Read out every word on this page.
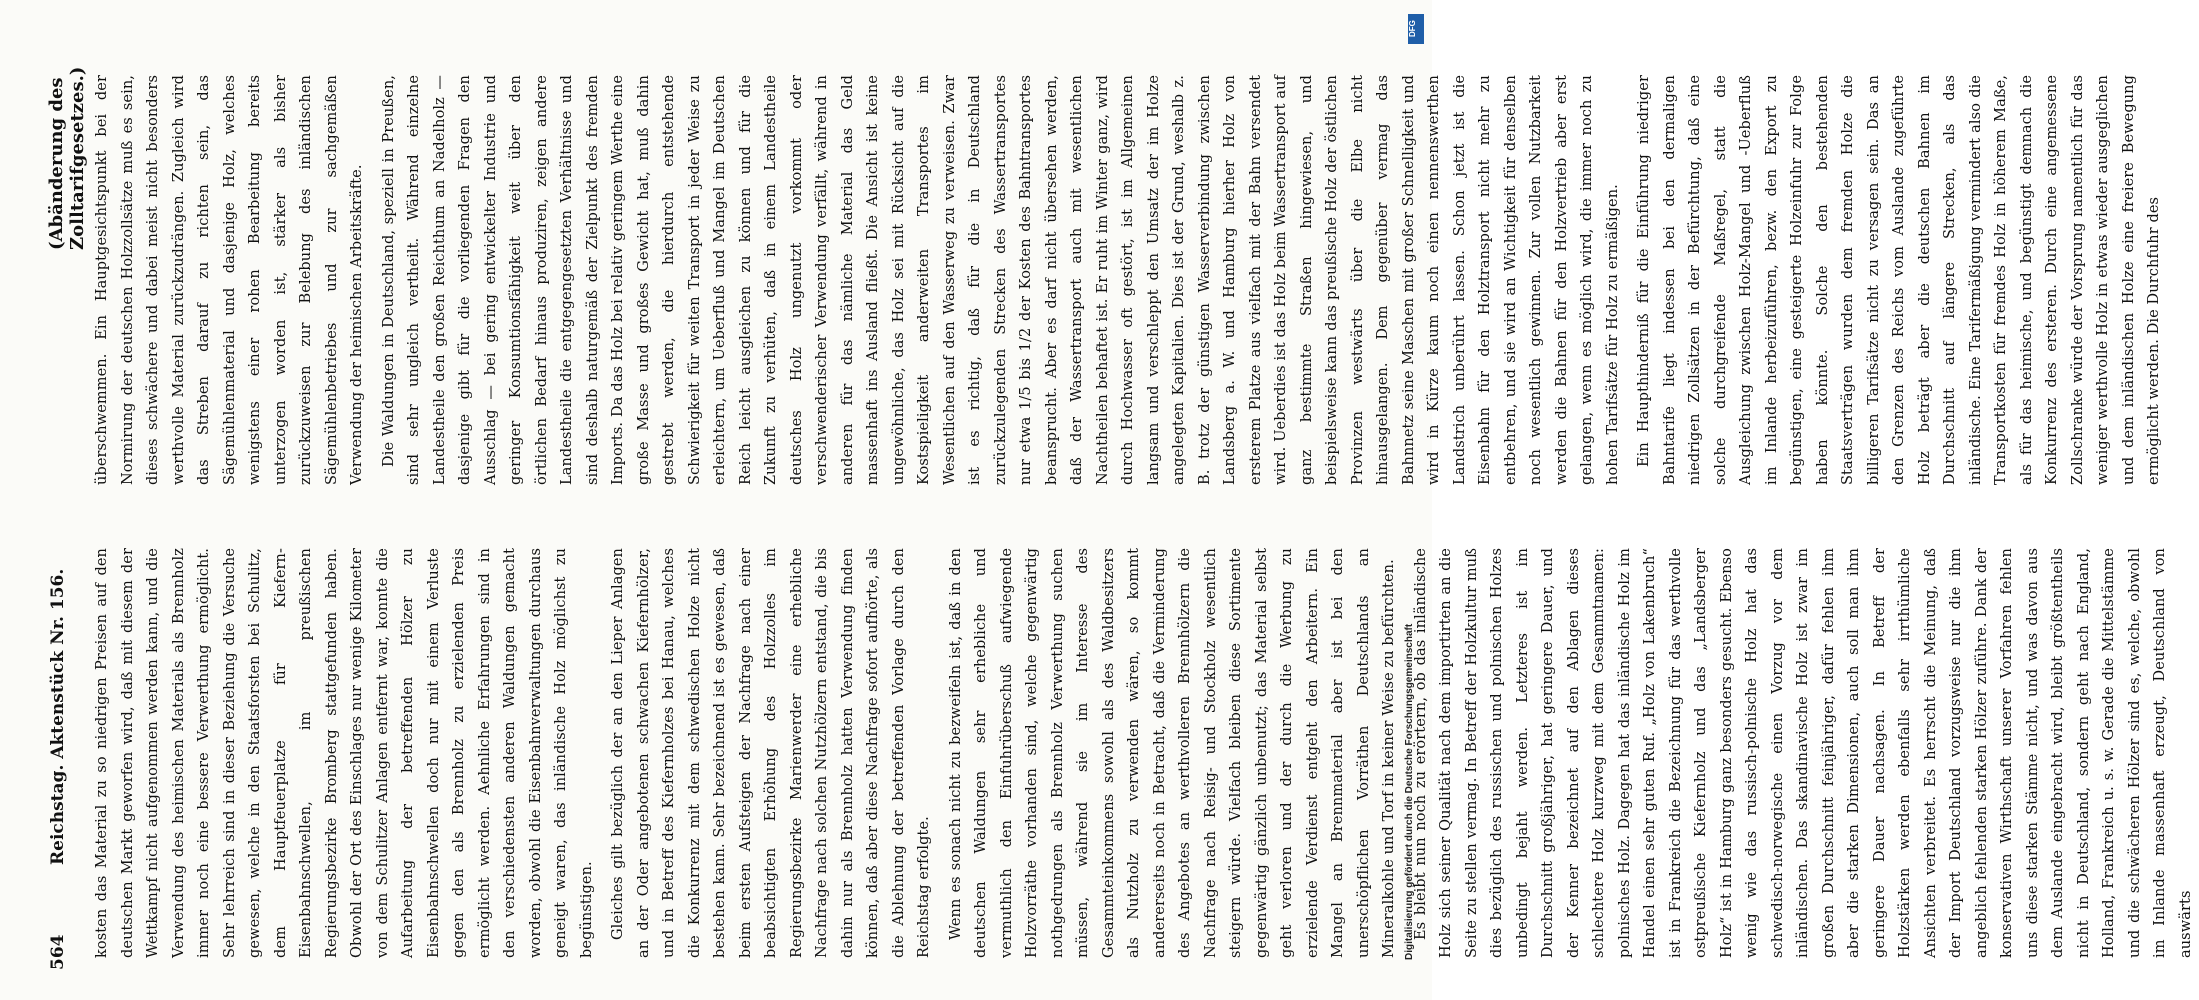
564
Reichstag. Aktenstück Nr. 156.
(Abänderung des Zolltarifgesetzes.)

kosten das Material zu so niedrigen Preisen auf den deutschen Markt geworfen wird, daß mit diesem der Wettkampf nicht aufgenommen werden kann, und die Verwendung des heimischen Materials als Brennholz immer noch eine bessere Verwerthung ermöglicht. Sehr lehrreich sind in dieser Beziehung die Versuche gewesen, welche in den Staatsforsten bei Schulitz, dem Hauptfeuerplatze für Kiefern-Eisenbahnschwellen, im preußischen Regierungsbezirke Bromberg stattgefunden haben. Obwohl der Ort des Einschlages nur wenige Kilometer von dem Schulitzer Anlagen entfernt war, konnte die Aufarbeitung der betreffenden Hölzer zu Eisenbahnschwellen doch nur mit einem Verluste gegen den als Brennholz zu erzielenden Preis ermöglicht werden. Aehnliche Erfahrungen sind in den verschiedensten anderen Waldungen gemacht worden, obwohl die Eisenbahnverwaltungen durchaus geneigt waren, das inländische Holz möglichst zu begünstigen.	Gleiches gilt bezüglich der an den Lieper Anlagen an der Oder angebotenen schwachen Kiefernhölzer, und in Betreff des Kiefernholzes bei Hanau, welches die Konkurrenz mit dem schwedischen Holze nicht bestehen kann. Sehr bezeichnend ist es gewesen, daß beim ersten Aufsteigen der Nachfrage nach einer beabsichtigten Erhöhung des Holzzolles im Regierungsbezirke Marienwerder eine erhebliche Nachfrage nach solchen Nutzhölzern entstand, die bis dahin nur als Brennholz hatten Verwendung finden können, daß aber diese Nachfrage sofort aufhörte, als die Ablehnung der betreffenden Vorlage durch den Reichstag erfolgte.	Wenn es sonach nicht zu bezweifeln ist, daß in den deutschen Waldungen sehr erhebliche und vermuthlich den Einfuhrüberschuß aufwiegende Holzvorräthe vorhanden sind, welche gegenwärtig nothgedrungen als Brennholz Verwerthung suchen müssen, während sie im Interesse des Gesammteinkommens sowohl als des Waldbesitzers als Nutzholz zu verwenden wären, so kommt andererseits noch in Betracht, daß die Verminderung des Angebotes an werthvolleren Brennhölzern die Nachfrage nach Reisig- und Stockholz wesentlich steigern würde. Vielfach bleiben diese Sortimente gegenwärtig gänzlich unbenutzt; das Material selbst geht verloren und der durch die Werbung zu erzielende Verdienst entgeht den Arbeitern. Ein Mangel an Brennmaterial aber ist bei den unerschöpflichen Vorräthen Deutschlands an Mineralkohle und Torf in keiner Weise zu befürchten.	Es bleibt nun noch zu erörtern, ob das inländische Holz sich seiner Qualität nach dem importirten an die Seite zu stellen vermag. In Betreff der Holzkultur muß dies bezüglich des russischen und polnischen Holzes unbedingt bejaht werden. Letzteres ist im Durchschnitt großjähriger, hat geringere Dauer, und der Kenner bezeichnet auf den Ablagen dieses schlechtere Holz kurzweg mit dem Gesammtnamen: polnisches Holz. Dagegen hat das inländische Holz im Handel einen sehr guten Ruf. „Holz von Lakenbruch“ ist in Frankreich die Bezeichnung für das werthvolle ostpreußische Kiefernholz und das „Landsberger Holz“ ist in Hamburg ganz besonders gesucht. Ebenso wenig wie das russisch-polnische Holz hat das schwedisch-norwegische einen Vorzug vor dem inländischen. Das skandinavische Holz ist zwar im großen Durchschnitt feinjähriger, dafür fehlen ihm aber die starken Dimensionen, auch soll man ihm geringere Dauer nachsagen. In Betreff der Holzstärken werden ebenfalls sehr irrthümliche Ansichten verbreitet. Es herrscht die Meinung, daß der Import Deutschland vorzugsweise nur die ihm angeblich fehlenden starken Hölzer zuführe. Dank der konservativen Wirthschaft unserer Vorfahren fehlen uns diese starken Stämme nicht, und was davon aus dem Auslande eingebracht wird, bleibt größtentheils nicht in Deutschland, sondern geht nach England, Holland, Frankreich u. s. w. Gerade die Mittelstämme und die schwächeren Hölzer sind es, welche, obwohl im Inlande massenhaft erzeugt, Deutschland von auswärts

überschwemmen. Ein Hauptgesichtspunkt bei der Normirung der deutschen Holzzollsätze muß es sein, dieses schwächere und dabei meist nicht besonders werthvolle Material zurückzudrängen. Zugleich wird das Streben darauf zu richten sein, das Sägemühlenmaterial und dasjenige Holz, welches wenigstens einer rohen Bearbeitung bereits unterzogen worden ist, stärker als bisher zurückzuweisen zur Belebung des inländischen Sägemühlenbetriebes und zur sachgemäßen Verwendung der heimischen Arbeitskräfte.	Die Waldungen in Deutschland, speziell in Preußen, sind sehr ungleich vertheilt. Während einzelne Landestheile den großen Reichthum an Nadelholz — dasjenige gibt für die vorliegenden Fragen den Ausschlag — bei gering entwickelter Industrie und geringer Konsumtionsfähigkeit weit über den örtlichen Bedarf hinaus produziren, zeigen andere Landestheile die entgegengesetzten Verhältnisse und sind deshalb naturgemäß der Zielpunkt des fremden Imports. Da das Holz bei relativ geringem Werthe eine große Masse und großes Gewicht hat, muß dahin gestrebt werden, die hierdurch entstehende Schwierigkeit für weiten Transport in jeder Weise zu erleichtern, um Ueberfluß und Mangel im Deutschen Reich leicht ausgleichen zu können und für die Zukunft zu verhüten, daß in einem Landestheile deutsches Holz ungenutzt vorkommt oder verschwenderischer Verwendung verfällt, während in anderen für das nämliche Material das Geld massenhaft ins Ausland fließt. Die Ansicht ist keine ungewöhnliche, das Holz sei mit Rücksicht auf die Kostspieligkeit anderweiten Transportes im Wesentlichen auf den Wasserweg zu verweisen. Zwar ist es richtig, daß für die in Deutschland zurückzulegenden Strecken des Wassertransportes nur etwa 1/5 bis 1/2 der Kosten des Bahntransportes beansprucht. Aber es darf nicht übersehen werden, daß der Wassertransport auch mit wesentlichen Nachtheilen behaftet ist. Er ruht im Winter ganz, wird durch Hochwasser oft gestört, ist im Allgemeinen langsam und verschleppt den Umsatz der im Holze angelegten Kapitalien. Dies ist der Grund, weshalb z. B. trotz der günstigen Wasserverbindung zwischen Landsberg a. W. und Hamburg hierher Holz von ersterem Platze aus vielfach mit der Bahn versendet wird. Ueberdies ist das Holz beim Wassertransport auf ganz bestimmte Straßen hingewiesen, und beispielsweise kann das preußische Holz der östlichen Provinzen westwärts über die Elbe nicht hinausgelangen. Dem gegenüber vermag das Bahnnetz seine Maschen mit großer Schnelligkeit und wird in Kürze kaum noch einen nennenswerthen Landstrich unberührt lassen. Schon jetzt ist die Eisenbahn für den Holztransport nicht mehr zu entbehren, und sie wird an Wichtigkeit für denselben noch wesentlich gewinnen. Zur vollen Nutzbarkeit werden die Bahnen für den Holzvertrieb aber erst gelangen, wenn es möglich wird, die immer noch zu hohen Tarifsätze für Holz zu ermäßigen.	Ein Haupthinderniß für die Einführung niedriger Bahntarife liegt indessen bei den dermaligen niedrigen Zollsätzen in der Befürchtung, daß eine solche durchgreifende Maßregel, statt die Ausgleichung zwischen Holz-Mangel und -Ueberfluß im Inlande herbeizuführen, bezw. den Export zu begünstigen, eine gesteigerte Holzeinfuhr zur Folge haben könnte. Solche den bestehenden Staatsverträgen wurden dem fremden Holze die billigeren Tarifsätze nicht zu versagen sein. Das an den Grenzen des Reichs vom Auslande zugeführte Holz beträgt aber die deutschen Bahnen im Durchschnitt auf längere Strecken, als das inländische. Eine Tarifermäßigung vermindert also die Transportkosten für fremdes Holz in höherem Maße, als für das heimische, und begünstigt demnach die Konkurrenz des ersteren. Durch eine angemessene Zollschranke würde der Vorsprung namentlich für das weniger werthvolle Holz in etwas wieder ausgeglichen und dem inländischen Holze eine freiere Bewegung ermöglicht werden. Die Durchfuhr des

DFG
Digitalisierung gefördert durch die Deutsche Forschungsgemeinschaft
